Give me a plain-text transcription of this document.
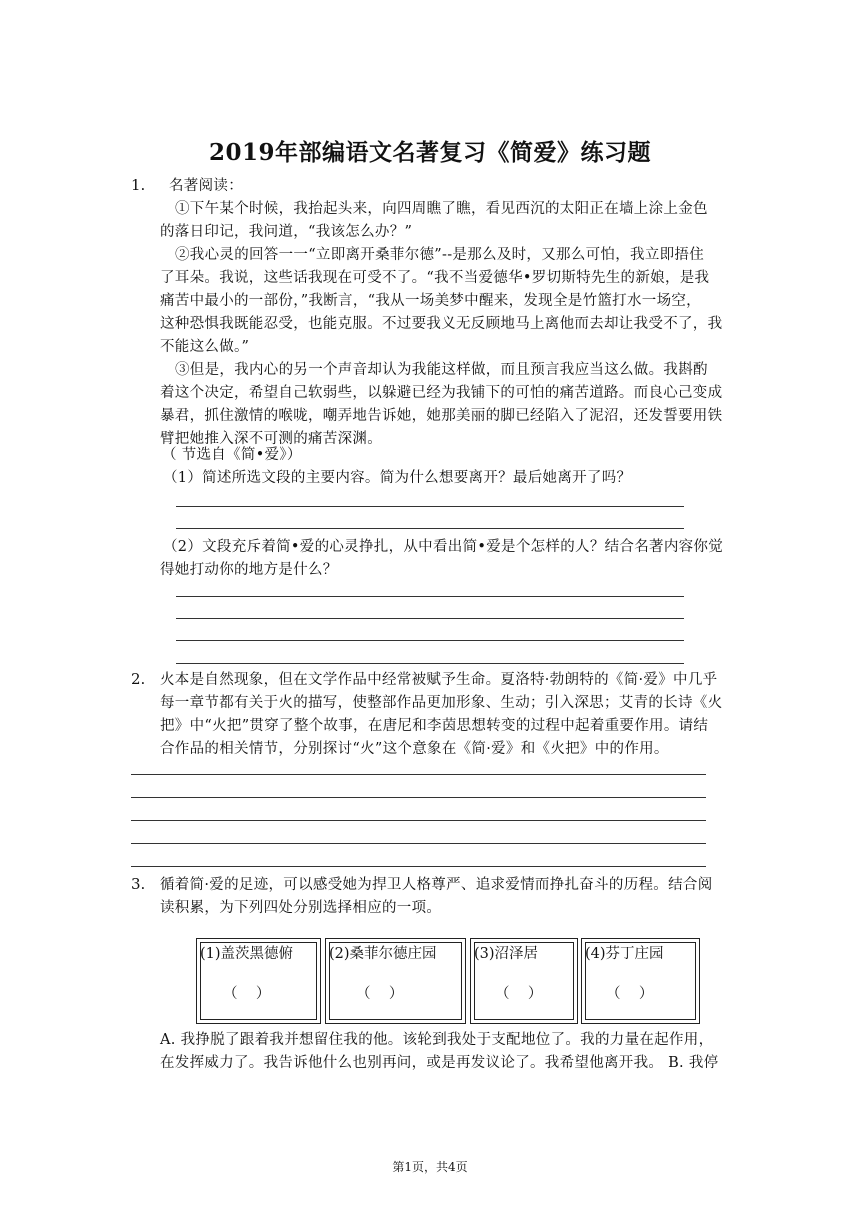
2019年部编语文名著复习《简爱》练习题
1. 名著阅读：
①下午某个时候，我抬起头来，向四周瞧了瞧，看见西沉的太阳正在墙上涂上金色
的落日印记，我问道，“我该怎么办？”
②我心灵的回答一一“立即离开桑菲尔德”--是那么及时，又那么可怕，我立即捂住
了耳朵。我说，这些话我现在可受不了。“我不当爱德华•罗切斯特先生的新娘，是我
痛苦中最小的一部份，”我断言，“我从一场美梦中醒来，发现全是竹篮打水一场空，
这种恐惧我既能忍受，也能克服。不过要我义无反顾地马上离他而去却让我受不了，我
不能这么做。”
③但是，我内心的另一个声音却认为我能这样做，而且预言我应当这么做。我斟酌
着这个决定，希望自己软弱些，以躲避已经为我铺下的可怕的痛苦道路。而良心己变成
暴君，抓住激情的喉咙，嘲弄地告诉她，她那美丽的脚已经陷入了泥沼，还发誓要用铁
臂把她推入深不可测的痛苦深渊。
（ 节选自《简•爱》）
（1）简述所选文段的主要内容。简为什么想要离开？最后她离开了吗？
（2）文段充斥着简•爱的心灵挣扎，从中看出简•爱是个怎样的人？结合名著内容你觉
得她打动你的地方是什么？
2. 火本是自然现象，但在文学作品中经常被赋予生命。夏洛特·勃朗特的《简·爱》中几乎
每一章节都有关于火的描写，使整部作品更加形象、生动；引入深思；艾青的长诗《火
把》中“火把”贯穿了整个故事，在唐尼和李茵思想转变的过程中起着重要作用。请结
合作品的相关情节，分别探讨“火”这个意象在《简·爱》和《火把》中的作用。
3. 循着简·爱的足迹，可以感受她为捍卫人格尊严、追求爱情而挣扎奋斗的历程。结合阅
读积累，为下列四处分别选择相应的一项。
(1)盖茨黑德俯
（    ）
(2)桑菲尔德庄园
（    ）
(3)沼泽居
（    ）
(4)芬丁庄园
（    ）
A. 我挣脱了跟着我并想留住我的他。该轮到我处于支配地位了。我的力量在起作用，
在发挥威力了。我告诉他什么也别再问，或是再发议论了。我希望他离开我。 B. 我停
第1页，共4页
